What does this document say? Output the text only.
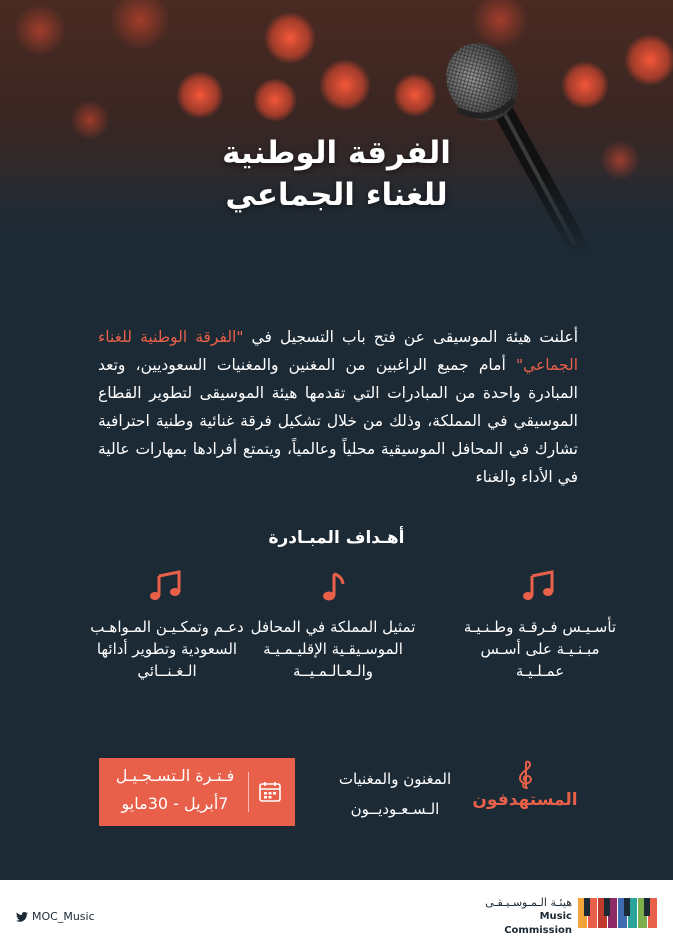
الفرقة الوطنية
للغناء الجماعي
أعلنت هيئة الموسيقى عن فتح باب التسجيل في "الفرقة الوطنية للغناء الجماعي" أمام جميع الراغبين من المغنين والمغنيات السعوديين، وتعد المبادرة واحدة من المبادرات التي تقدمها هيئة الموسيقى لتطوير القطاع الموسيقي في المملكة، وذلك من خلال تشكيل فرقة غنائية وطنية احترافية تشارك في المحافل الموسيقية محلياً وعالمياً، ويتمتع أفرادها بمهارات عالية في الأداء والغناء
أهـداف المبـادرة
تأسـيـس فـرقـة وطـنـيـة
مبـنـيـة على أسـس عمـلـيـة
تمثيل المملكة في المحافل
الموسـيقـية الإقليـمـيـة
والـعـالـمـيــة
دعـم وتمكـيـن المـواهـب
السعودية وتطوير أدائها
الـغـنــائي
المستهدفون
المغنون والمغنيات
الـسـعـوديــون
فـتـرة الـتسـجـيـل
7أبريل - 30مايو
MOC_Music
هيئـة الـمـوسـيـقـى
Music Commission
